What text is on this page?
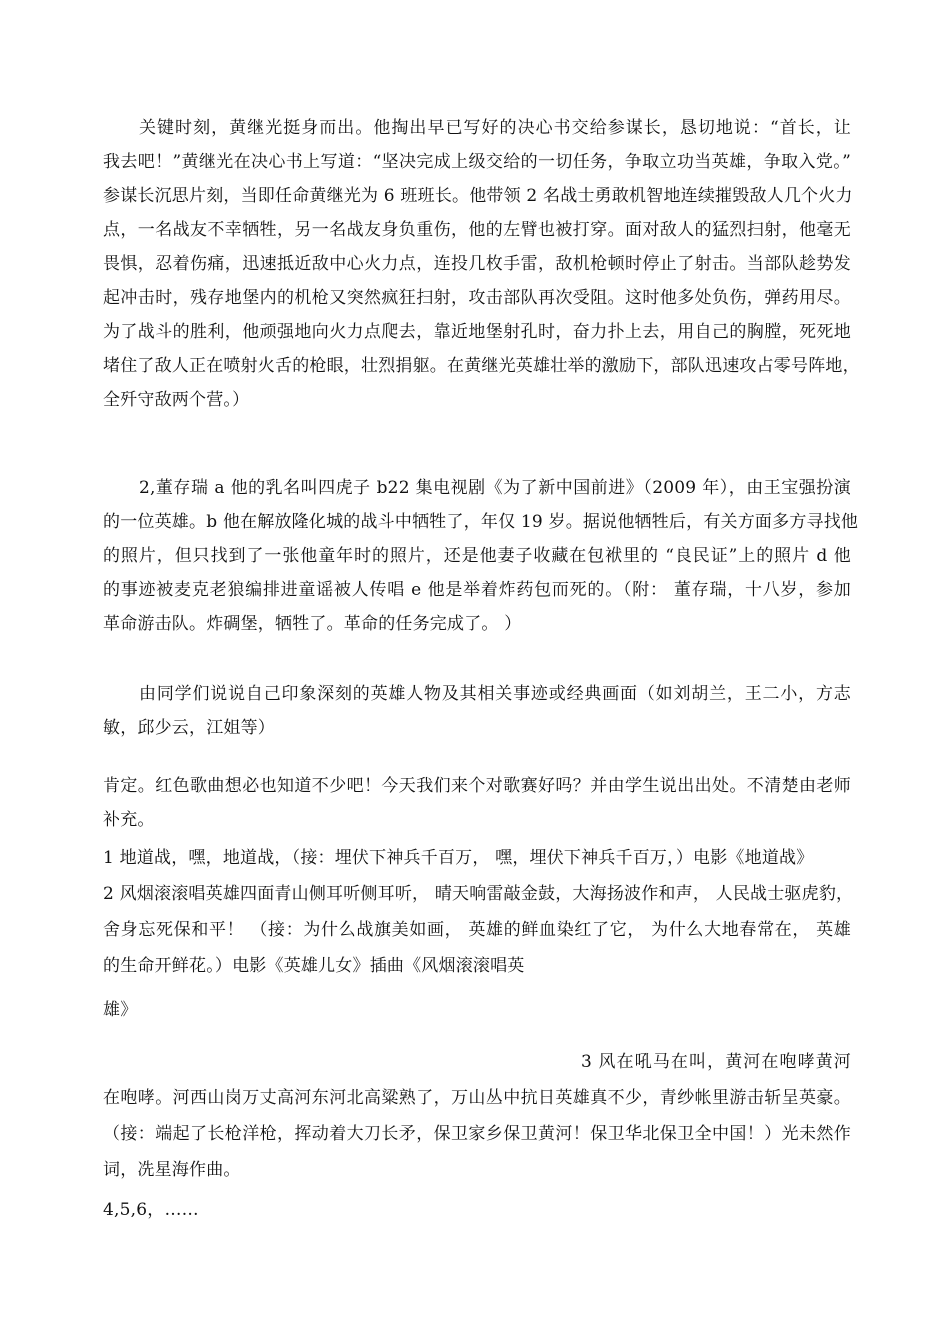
关键时刻，黄继光挺身而出。他掏出早已写好的决心书交给参谋长，恳切地说：“首长，让
我去吧！”黄继光在决心书上写道：“坚决完成上级交给的一切任务，争取立功当英雄，争取入党。”
参谋长沉思片刻，当即任命黄继光为 6 班班长。他带领 2 名战士勇敢机智地连续摧毁敌人几个火力
点，一名战友不幸牺牲，另一名战友身负重伤，他的左臂也被打穿。面对敌人的猛烈扫射，他毫无
畏惧，忍着伤痛，迅速抵近敌中心火力点，连投几枚手雷，敌机枪顿时停止了射击。当部队趁势发
起冲击时，残存地堡内的机枪又突然疯狂扫射，攻击部队再次受阻。这时他多处负伤，弹药用尽。
为了战斗的胜利，他顽强地向火力点爬去，靠近地堡射孔时，奋力扑上去，用自己的胸膛，死死地
堵住了敌人正在喷射火舌的枪眼，壮烈捐躯。在黄继光英雄壮举的激励下，部队迅速攻占零号阵地，
全歼守敌两个营。）
2,董存瑞 a 他的乳名叫四虎子 b22 集电视剧《为了新中国前进》（2009 年），由王宝强扮演
的一位英雄。b 他在解放隆化城的战斗中牺牲了，年仅 19 岁。据说他牺牲后，有关方面多方寻找他
的照片，但只找到了一张他童年时的照片，还是他妻子收藏在包袱里的 “良民证”上的照片 d 他
的事迹被麦克老狼编排进童谣被人传唱 e 他是举着炸药包而死的。（附： 董存瑞，十八岁，参加
革命游击队。炸碉堡，牺牲了。革命的任务完成了。 ）
由同学们说说自己印象深刻的英雄人物及其相关事迹或经典画面（如刘胡兰，王二小，方志
敏，邱少云，江姐等）
肯定。红色歌曲想必也知道不少吧！今天我们来个对歌赛好吗？并由学生说出出处。不清楚由老师
补充。
1 地道战，嘿，地道战，（接：埋伏下神兵千百万， 嘿，埋伏下神兵千百万，）电影《地道战》
2 风烟滚滚唱英雄四面青山侧耳听侧耳听， 晴天响雷敲金鼓，大海扬波作和声， 人民战士驱虎豹，
舍身忘死保和平！ （接：为什么战旗美如画， 英雄的鲜血染红了它， 为什么大地春常在， 英雄
的生命开鲜花。）电影《英雄儿女》插曲《风烟滚滚唱英
雄》
3 风在吼马在叫，黄河在咆哮黄河
在咆哮。河西山岗万丈高河东河北高粱熟了，万山丛中抗日英雄真不少，青纱帐里游击斩呈英豪。
（接：端起了长枪洋枪，挥动着大刀长矛，保卫家乡保卫黄河！保卫华北保卫全中国！）光未然作
词，冼星海作曲。
4,5,6，……
